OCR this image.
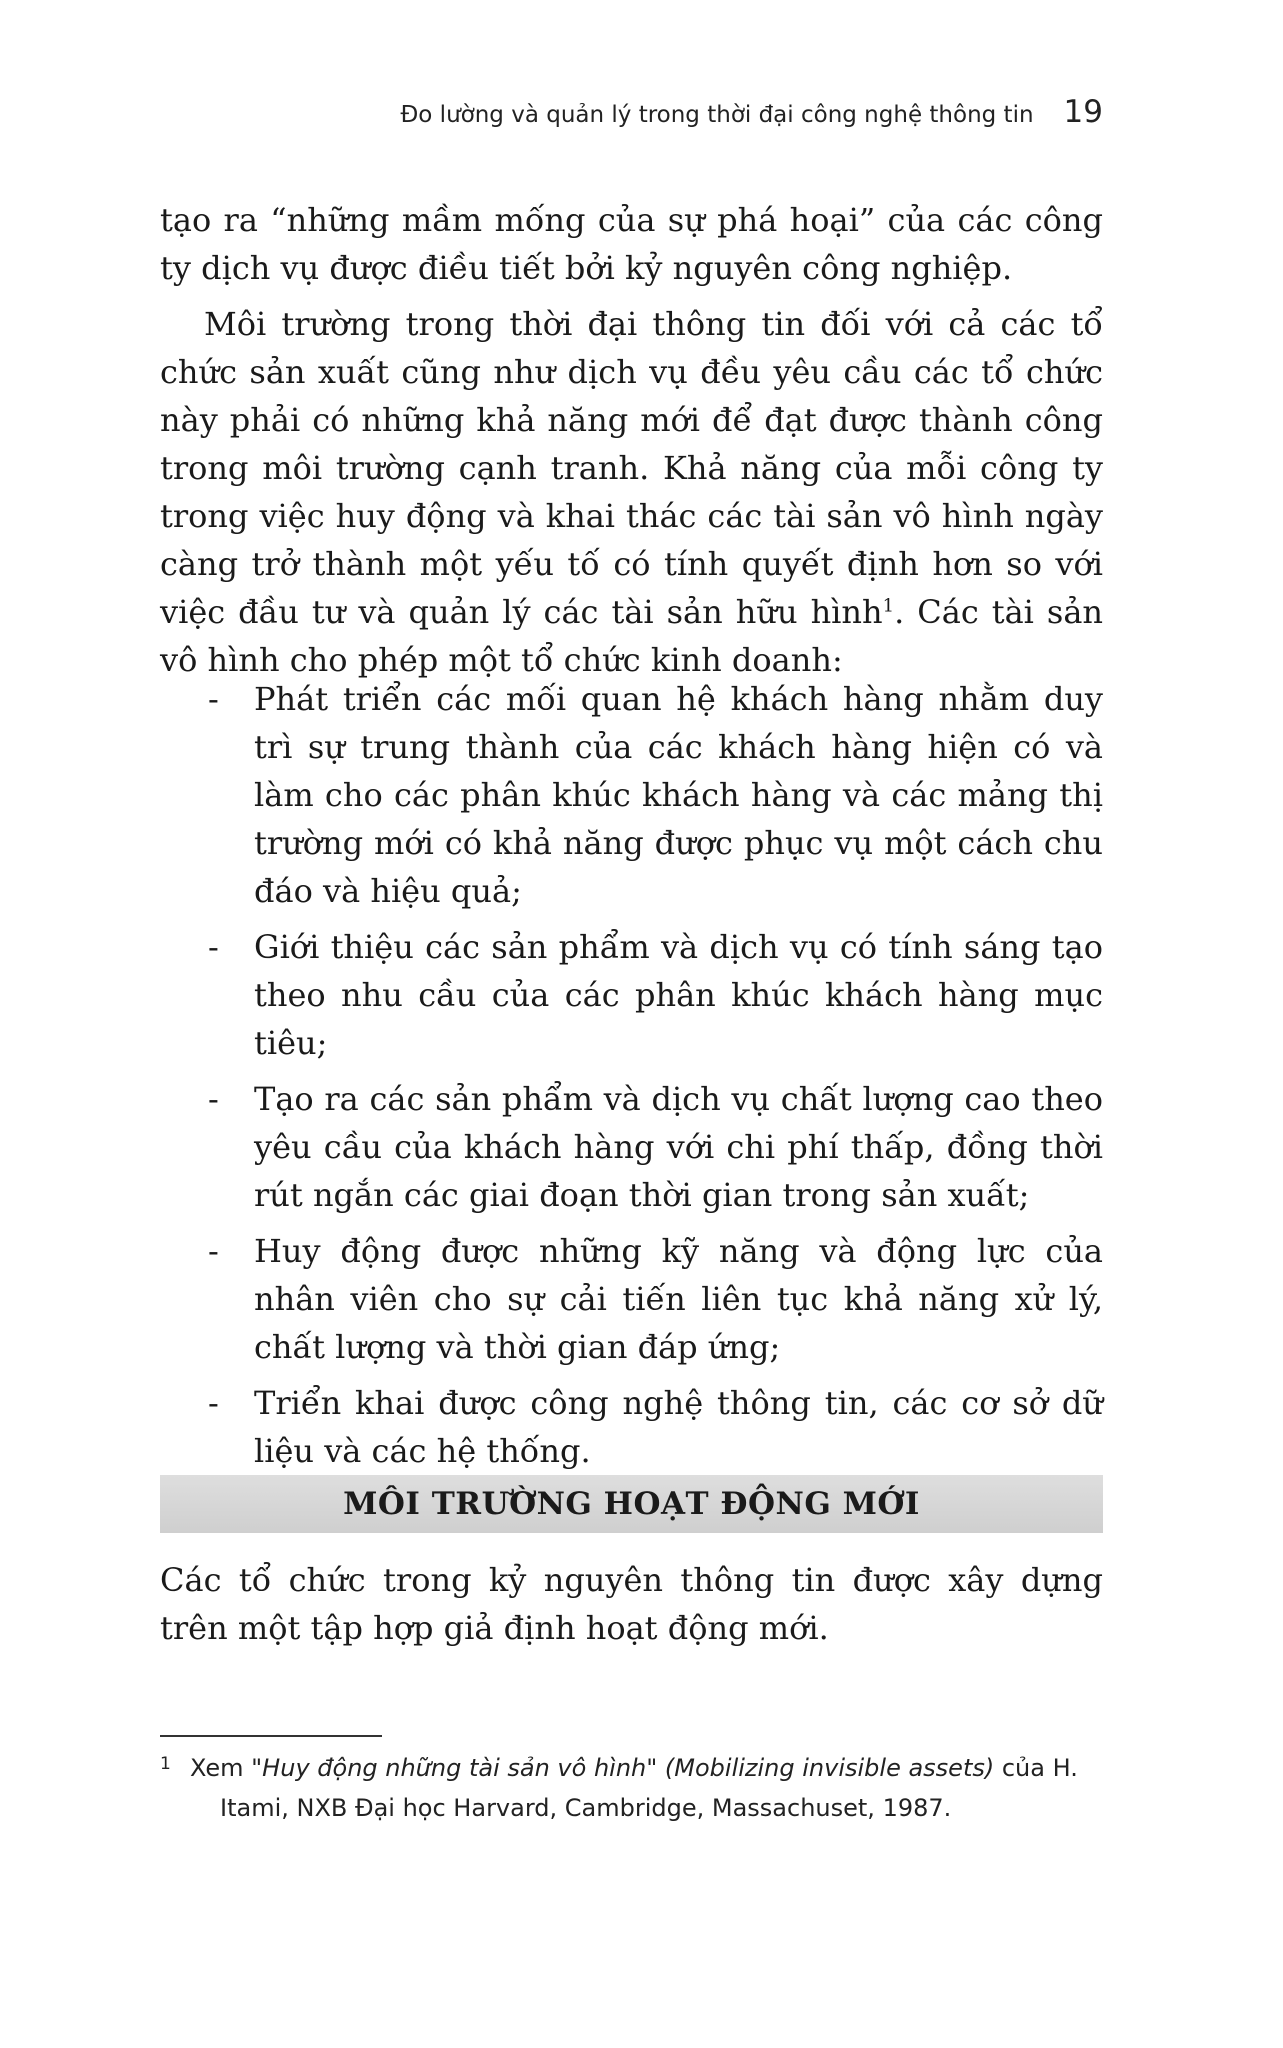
Đo lường và quản lý trong thời đại công nghệ thông tin 19

tạo ra “những mầm mống của sự phá hoại” của các công ty dịch vụ được điều tiết bởi kỷ nguyên công nghiệp.

Môi trường trong thời đại thông tin đối với cả các tổ chức sản xuất cũng như dịch vụ đều yêu cầu các tổ chức này phải có những khả năng mới để đạt được thành công trong môi trường cạnh tranh. Khả năng của mỗi công ty trong việc huy động và khai thác các tài sản vô hình ngày càng trở thành một yếu tố có tính quyết định hơn so với việc đầu tư và quản lý các tài sản hữu hình$^1$. Các tài sản vô hình cho phép một tổ chức kinh doanh:

- Phát triển các mối quan hệ khách hàng nhằm duy trì sự trung thành của các khách hàng hiện có và làm cho các phân khúc khách hàng và các mảng thị trường mới có khả năng được phục vụ một cách chu đáo và hiệu quả;
- Giới thiệu các sản phẩm và dịch vụ có tính sáng tạo theo nhu cầu của các phân khúc khách hàng mục tiêu;
- Tạo ra các sản phẩm và dịch vụ chất lượng cao theo yêu cầu của khách hàng với chi phí thấp, đồng thời rút ngắn các giai đoạn thời gian trong sản xuất;
- Huy động được những kỹ năng và động lực của nhân viên cho sự cải tiến liên tục khả năng xử lý, chất lượng và thời gian đáp ứng;
- Triển khai được công nghệ thông tin, các cơ sở dữ liệu và các hệ thống.
MÔI TRƯỜNG HOẠT ĐỘNG MỚI

Các tổ chức trong kỷ nguyên thông tin được xây dựng trên một tập hợp giả định hoạt động mới.

1 Xem "Huy động những tài sản vô hình" (Mobilizing invisible assets) của H. Itami, NXB Đại học Harvard, Cambridge, Massachuset, 1987.
